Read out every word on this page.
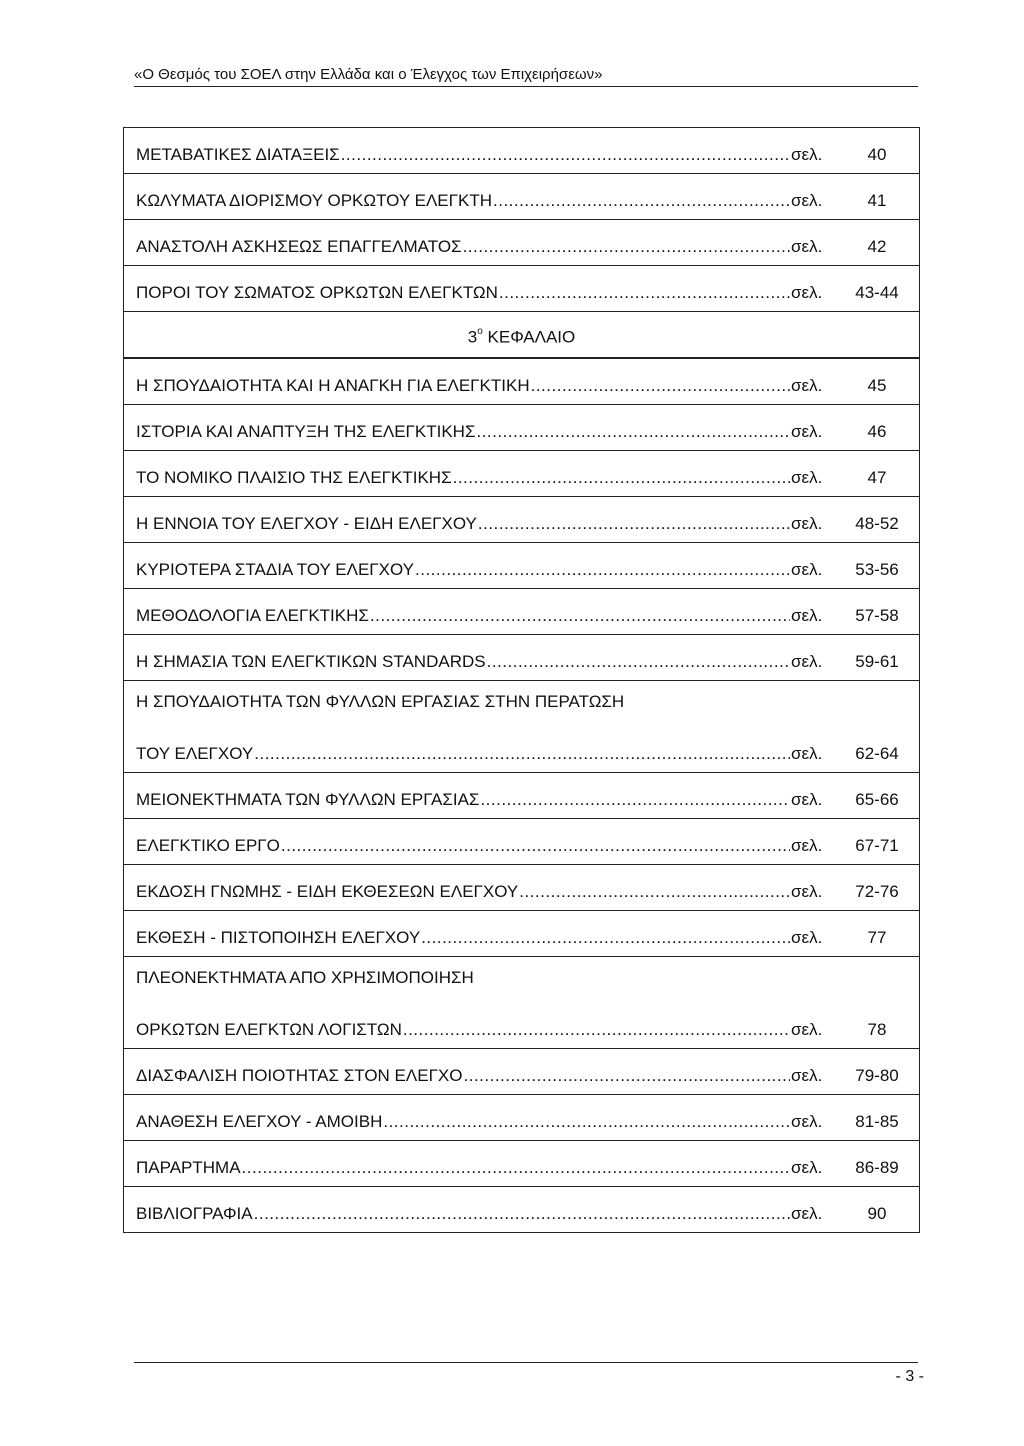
«Ο Θεσμός του ΣΟΕΛ στην Ελλάδα και ο Έλεγχος των Επιχειρήσεων»
ΜΕΤΑΒΑΤΙΚΕΣ ΔΙΑΤΑΞΕΙΣ .....	σελ.	40
ΚΩΛΥΜΑΤΑ ΔΙΟΡΙΣΜΟΥ ΟΡΚΩΤΟΥ ΕΛΕΓΚΤΗ .....	σελ.	41
ΑΝΑΣΤΟΛΗ ΑΣΚΗΣΕΩΣ ΕΠΑΓΓΕΛΜΑΤΟΣ .....	σελ.	42
ΠΟΡΟΙ ΤΟΥ ΣΩΜΑΤΟΣ ΟΡΚΩΤΩΝ ΕΛΕΓΚΤΩΝ .....	σελ.	43-44
$3^o$ ΚΕΦΑΛΑΙΟ
Η ΣΠΟΥΔΑΙΟΤΗΤΑ ΚΑΙ Η ΑΝΑΓΚΗ ΓΙΑ ΕΛΕΓΚΤΙΚΗ .....	σελ.	45
ΙΣΤΟΡΙΑ ΚΑΙ ΑΝΑΠΤΥΞΗ ΤΗΣ ΕΛΕΓΚΤΙΚΗΣ .....	σελ.	46
ΤΟ ΝΟΜΙΚΟ ΠΛΑΙΣΙΟ ΤΗΣ ΕΛΕΓΚΤΙΚΗΣ .....	σελ.	47
Η ΕΝΝΟΙΑ ΤΟΥ ΕΛΕΓΧΟΥ - ΕΙΔΗ ΕΛΕΓΧΟΥ .....	σελ.	48-52
ΚΥΡΙΟΤΕΡΑ ΣΤΑΔΙΑ ΤΟΥ ΕΛΕΓΧΟΥ .....	σελ.	53-56
ΜΕΘΟΔΟΛΟΓΙΑ ΕΛΕΓΚΤΙΚΗΣ .....	σελ.	57-58
Η ΣΗΜΑΣΙΑ ΤΩΝ ΕΛΕΓΚΤΙΚΩΝ STANDARDS .....	σελ.	59-61
Η ΣΠΟΥΔΑΙΟΤΗΤΑ ΤΩΝ ΦΥΛΛΩΝ ΕΡΓΑΣΙΑΣ ΣΤΗΝ ΠΕΡΑΤΩΣΗ
ΤΟΥ ΕΛΕΓΧΟΥ .....	σελ.	62-64
ΜΕΙΟΝΕΚΤΗΜΑΤΑ ΤΩΝ ΦΥΛΛΩΝ ΕΡΓΑΣΙΑΣ .....	σελ.	65-66
ΕΛΕΓΚΤΙΚΟ ΕΡΓΟ .....	σελ.	67-71
ΕΚΔΟΣΗ ΓΝΩΜΗΣ - ΕΙΔΗ ΕΚΘΕΣΕΩΝ ΕΛΕΓΧΟΥ .....	σελ.	72-76
ΕΚΘΕΣΗ - ΠΙΣΤΟΠΟΙΗΣΗ ΕΛΕΓΧΟΥ .....	σελ.	77
ΠΛΕΟΝΕΚΤΗΜΑΤΑ ΑΠΟ ΧΡΗΣΙΜΟΠΟΙΗΣΗ
ΟΡΚΩΤΩΝ ΕΛΕΓΚΤΩΝ ΛΟΓΙΣΤΩΝ .....	σελ.	78
ΔΙΑΣΦΑΛΙΣΗ ΠΟΙΟΤΗΤΑΣ ΣΤΟΝ ΕΛΕΓΧΟ .....	σελ.	79-80
ΑΝΑΘΕΣΗ ΕΛΕΓΧΟΥ - ΑΜΟΙΒΗ .....	σελ.	81-85
ΠΑΡΑΡΤΗΜΑ .....	σελ.	86-89
ΒΙΒΛΙΟΓΡΑΦΙΑ .....	σελ.	90
- 3 -
